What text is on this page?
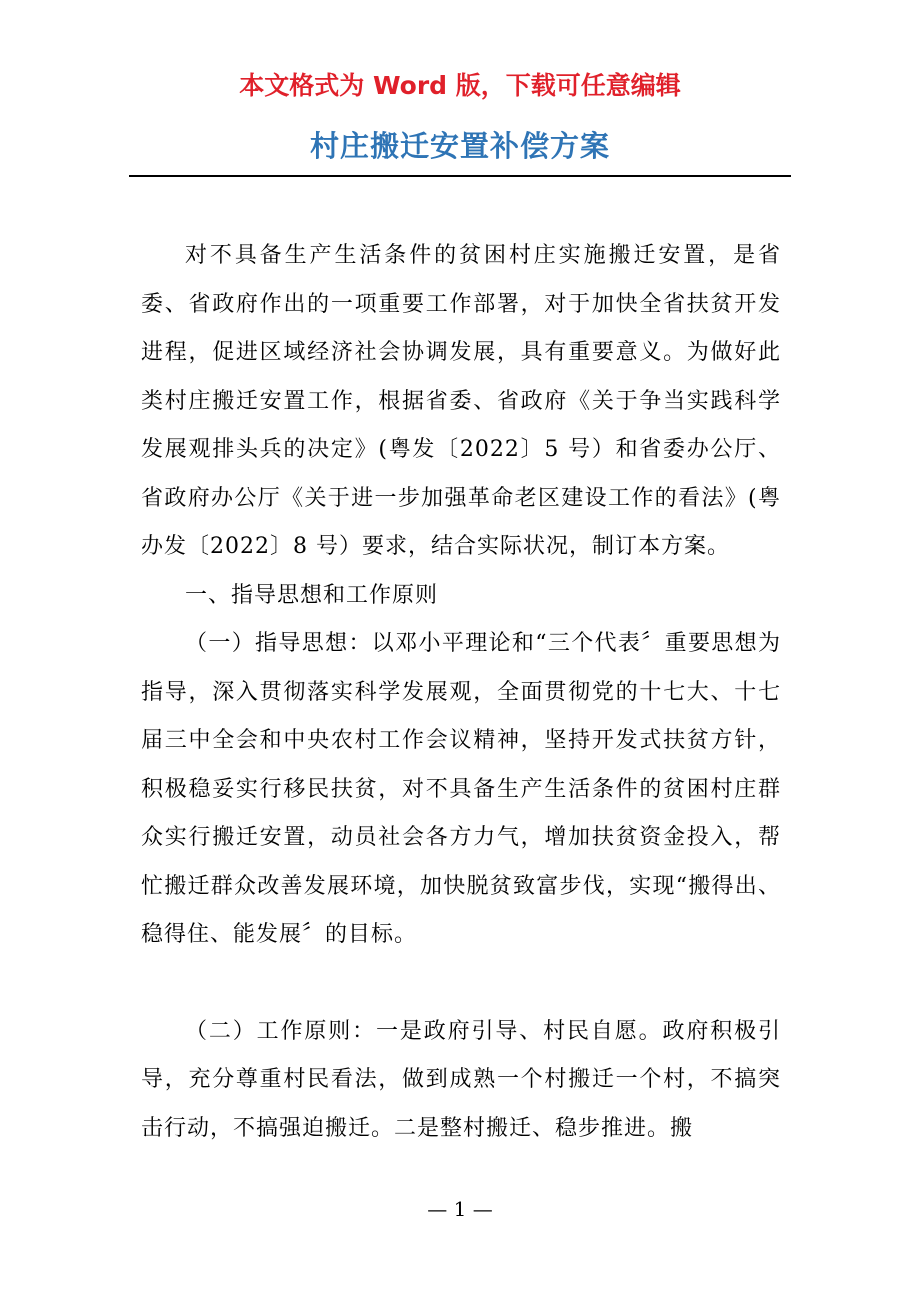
本文格式为 Word 版，下载可任意编辑
村庄搬迁安置补偿方案

对不具备生产生活条件的贫困村庄实施搬迁安置，是省委、省政府作出的一项重要工作部署，对于加快全省扶贫开发进程，促进区域经济社会协调发展，具有重要意义。为做好此类村庄搬迁安置工作，根据省委、省政府《关于争当实践科学发展观排头兵的决定》(粤发〔2022〕5 号）和省委办公厅、省政府办公厅《关于进一步加强革命老区建设工作的看法》(粤办发〔2022〕8 号）要求，结合实际状况，制订本方案。

一、指导思想和工作原则

（一）指导思想：以邓小平理论和“三个代表〞重要思想为指导，深入贯彻落实科学发展观，全面贯彻党的十七大、十七届三中全会和中央农村工作会议精神，坚持开发式扶贫方针，积极稳妥实行移民扶贫，对不具备生产生活条件的贫困村庄群众实行搬迁安置，动员社会各方力气，增加扶贫资金投入，帮忙搬迁群众改善发展环境，加快脱贫致富步伐，实现“搬得出、稳得住、能发展〞的目标。

（二）工作原则：一是政府引导、村民自愿。政府积极引导，充分尊重村民看法，做到成熟一个村搬迁一个村，不搞突击行动，不搞强迫搬迁。二是整村搬迁、稳步推进。搬

— 1 —
